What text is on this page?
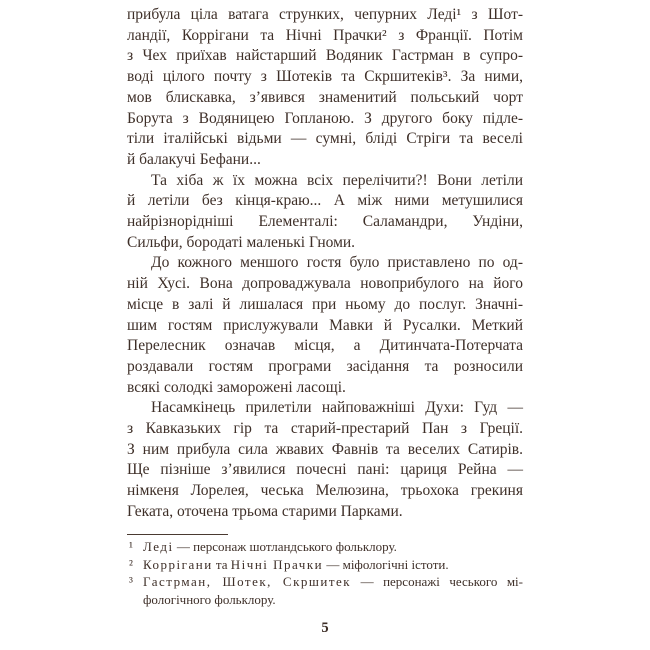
прибула ціла ватага струнких, чепурних Леді¹ з Шот-
ландії, Коррігани та Нічні Прачки² з Франції. Потім
з Чех приїхав найстарший Водяник Гастрман в супро-
воді цілого почту з Шотеків та Скршитеків³. За ними,
мов блискавка, з’явився знаменитий польський чорт
Борута з Водяницею Гопланою. З другого боку підле-
тіли італійські відьми — сумні, бліді Стріги та веселі
й балакучі Бефани...
Та хіба ж їх можна всіх перелічити?! Вони летіли
й летіли без кінця-краю... А між ними метушилися
найрізнорідніші Елементалі: Саламандри, Ундіни,
Сильфи, бородаті маленькі Гноми.
До кожного меншого гостя було приставлено по од-
ній Хусі. Вона допроваджувала новоприбулого на його
місце в залі й лишалася при ньому до послуг. Значні-
шим гостям прислужували Мавки й Русалки. Меткий
Перелесник означав місця, а Дитинчата-Потерчата
роздавали гостям програми засідання та розносили
всякі солодкі заморожені ласощі.
Насамкінець прилетіли найповажніші Духи: Гуд —
з Кавказьких гір та старий-престарий Пан з Греції.
З ним прибула сила жвавих Фавнів та веселих Сатирів.
Ще пізніше з’явилися почесні пані: цариця Рейна —
німкеня Лорелея, чеська Мелюзина, трьохока грекиня
Геката, оточена трьома старими Парками.
¹ Леді — персонаж шотландського фольклору.
² Коррігани та Нічні Прачки — міфологічні істоти.
³ Гастрман, Шотек, Скршитек — персонажі чеського мі-
фологічного фольклору.
5
